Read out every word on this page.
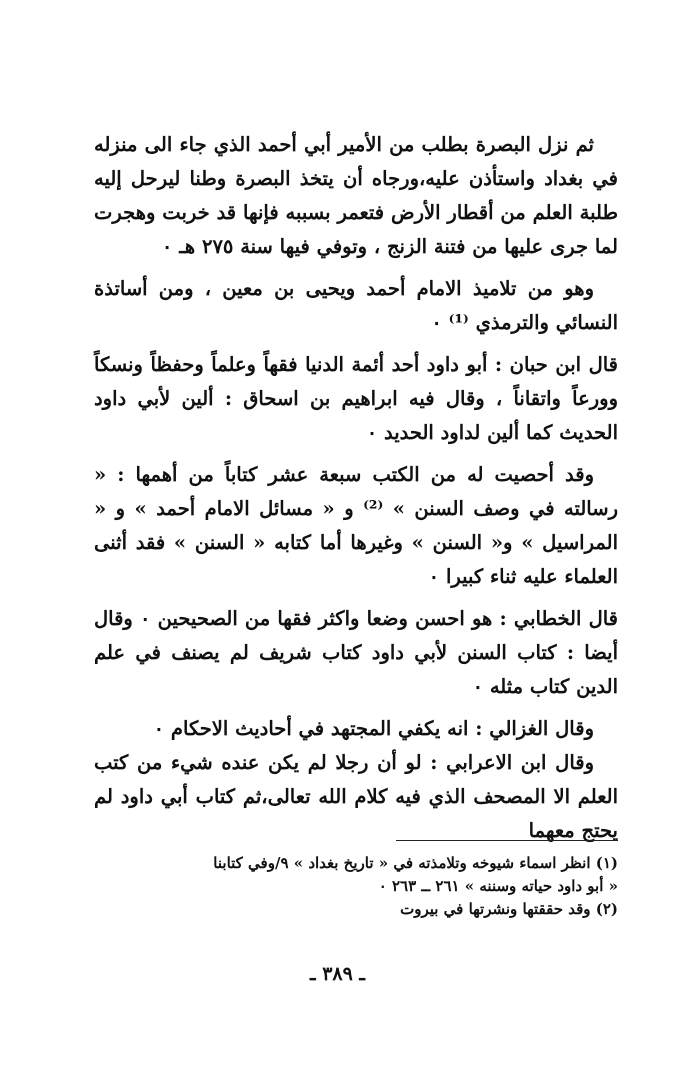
ثم نزل البصرة بطلب من الأمير أبي أحمد الذي جاء الى منزله في بغداد واستأذن عليه،ورجاه أن يتخذ البصرة وطنا ليرحل إليه طلبة العلم من أقطار الأرض فتعمر بسببه فإنها قد خربت وهجرت لما جرى عليها من فتنة الزنج ، وتوفي فيها سنة ٢٧٥ هـ ٠

وهو من تلاميذ الامام أحمد ويحيى بن معين ، ومن أساتذة النسائي والترمذي ⁽¹⁾ ٠

قال ابن حبان : أبو داود أحد أئمة الدنيا فقهاً وعلماً وحفظاً ونسكاً وورعاً واتقاناً ، وقال فيه ابراهيم بن اسحاق : ألين لأبي داود الحديث كما ألين لداود الحديد ٠

وقد أحصيت له من الكتب سبعة عشر كتاباً من أهمها : « رسالته في وصف السنن » ⁽²⁾ و « مسائل الامام أحمد » و « المراسيل » و« السنن » وغيرها أما كتابه « السنن » فقد أثنى العلماء عليه ثناء كبيرا ٠

قال الخطابي : هو احسن وضعا واكثر فقها من الصحيحين ٠ وقال أيضا : كتاب السنن لأبي داود كتاب شريف لم يصنف في علم الدين كتاب مثله ٠

وقال الغزالي : انه يكفي المجتهد في أحاديث الاحكام ٠

وقال ابن الاعرابي : لو أن رجلا لم يكن عنده شيء من كتب العلم الا المصحف الذي فيه كلام الله تعالى،ثم كتاب أبي داود لم يحتج معهما

(١) انظر اسماء شيوخه وتلامذته في « تاريخ بغداد » ٩/وفي كتابنا

« أبو داود حياته وسننه » ٢٦١ ــ ٢٦٣ ٠

(٢) وقد حققتها ونشرتها في بيروت

ـ ٣٨٩ ـ
